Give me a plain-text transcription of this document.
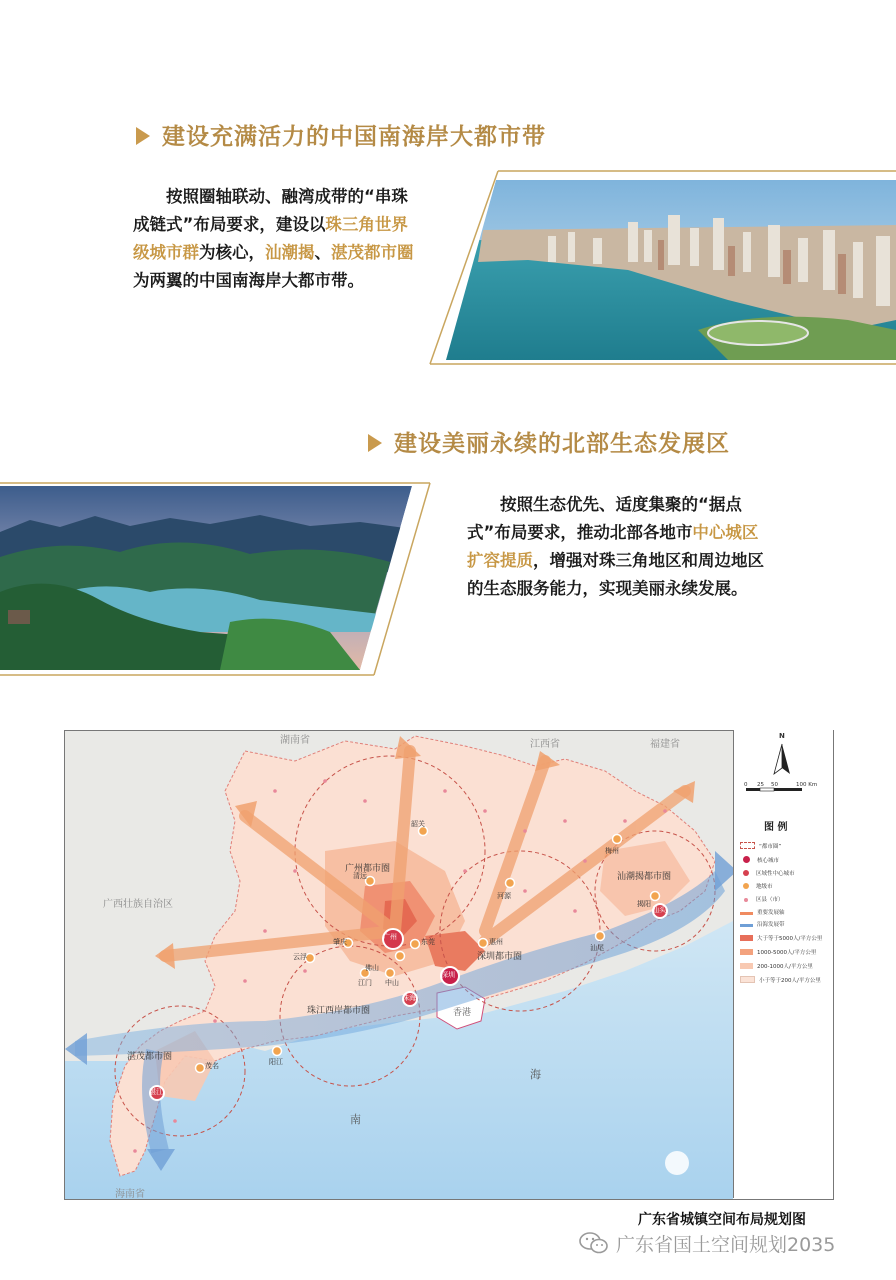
建设充满活力的中国南海岸大都市带
按照圈轴联动、融湾成带的“串珠成链式”布局要求，建设以珠三角世界级城市群为核心，汕潮揭、湛茂都市圈为两翼的中国南海岸大都市带。
建设美丽永续的北部生态发展区
按照生态优先、适度集聚的“据点式”布局要求，推动北部各地市中心城区扩容提质，增强对珠三角地区和周边地区的生态服务能力，实现美丽永续发展。
湖南省	江西省	福建省
广西壮族自治区
海南省
广州都市圈
深圳都市圈
珠江西岸都市圈
汕潮揭都市圈
湛茂都市圈
广州
深圳
珠海
湛江
汕头
佛山
东莞	惠州
清远
肇庆
云浮
韶关
河源
梅州
揭阳
汕尾
中山
江门
阳江
茂名
香港
南
海
N
0 25 50	100 Km
图 例
“都市圈”
核心城市
区域性中心城市
地级市
区县（市）
重要发展轴
沿海发展带
大于等于5000人/平方公里
1000-5000人/平方公里
200-1000人/平方公里
小于等于200人/平方公里
广东省城镇空间布局规划图
广东省国土空间规划2035
